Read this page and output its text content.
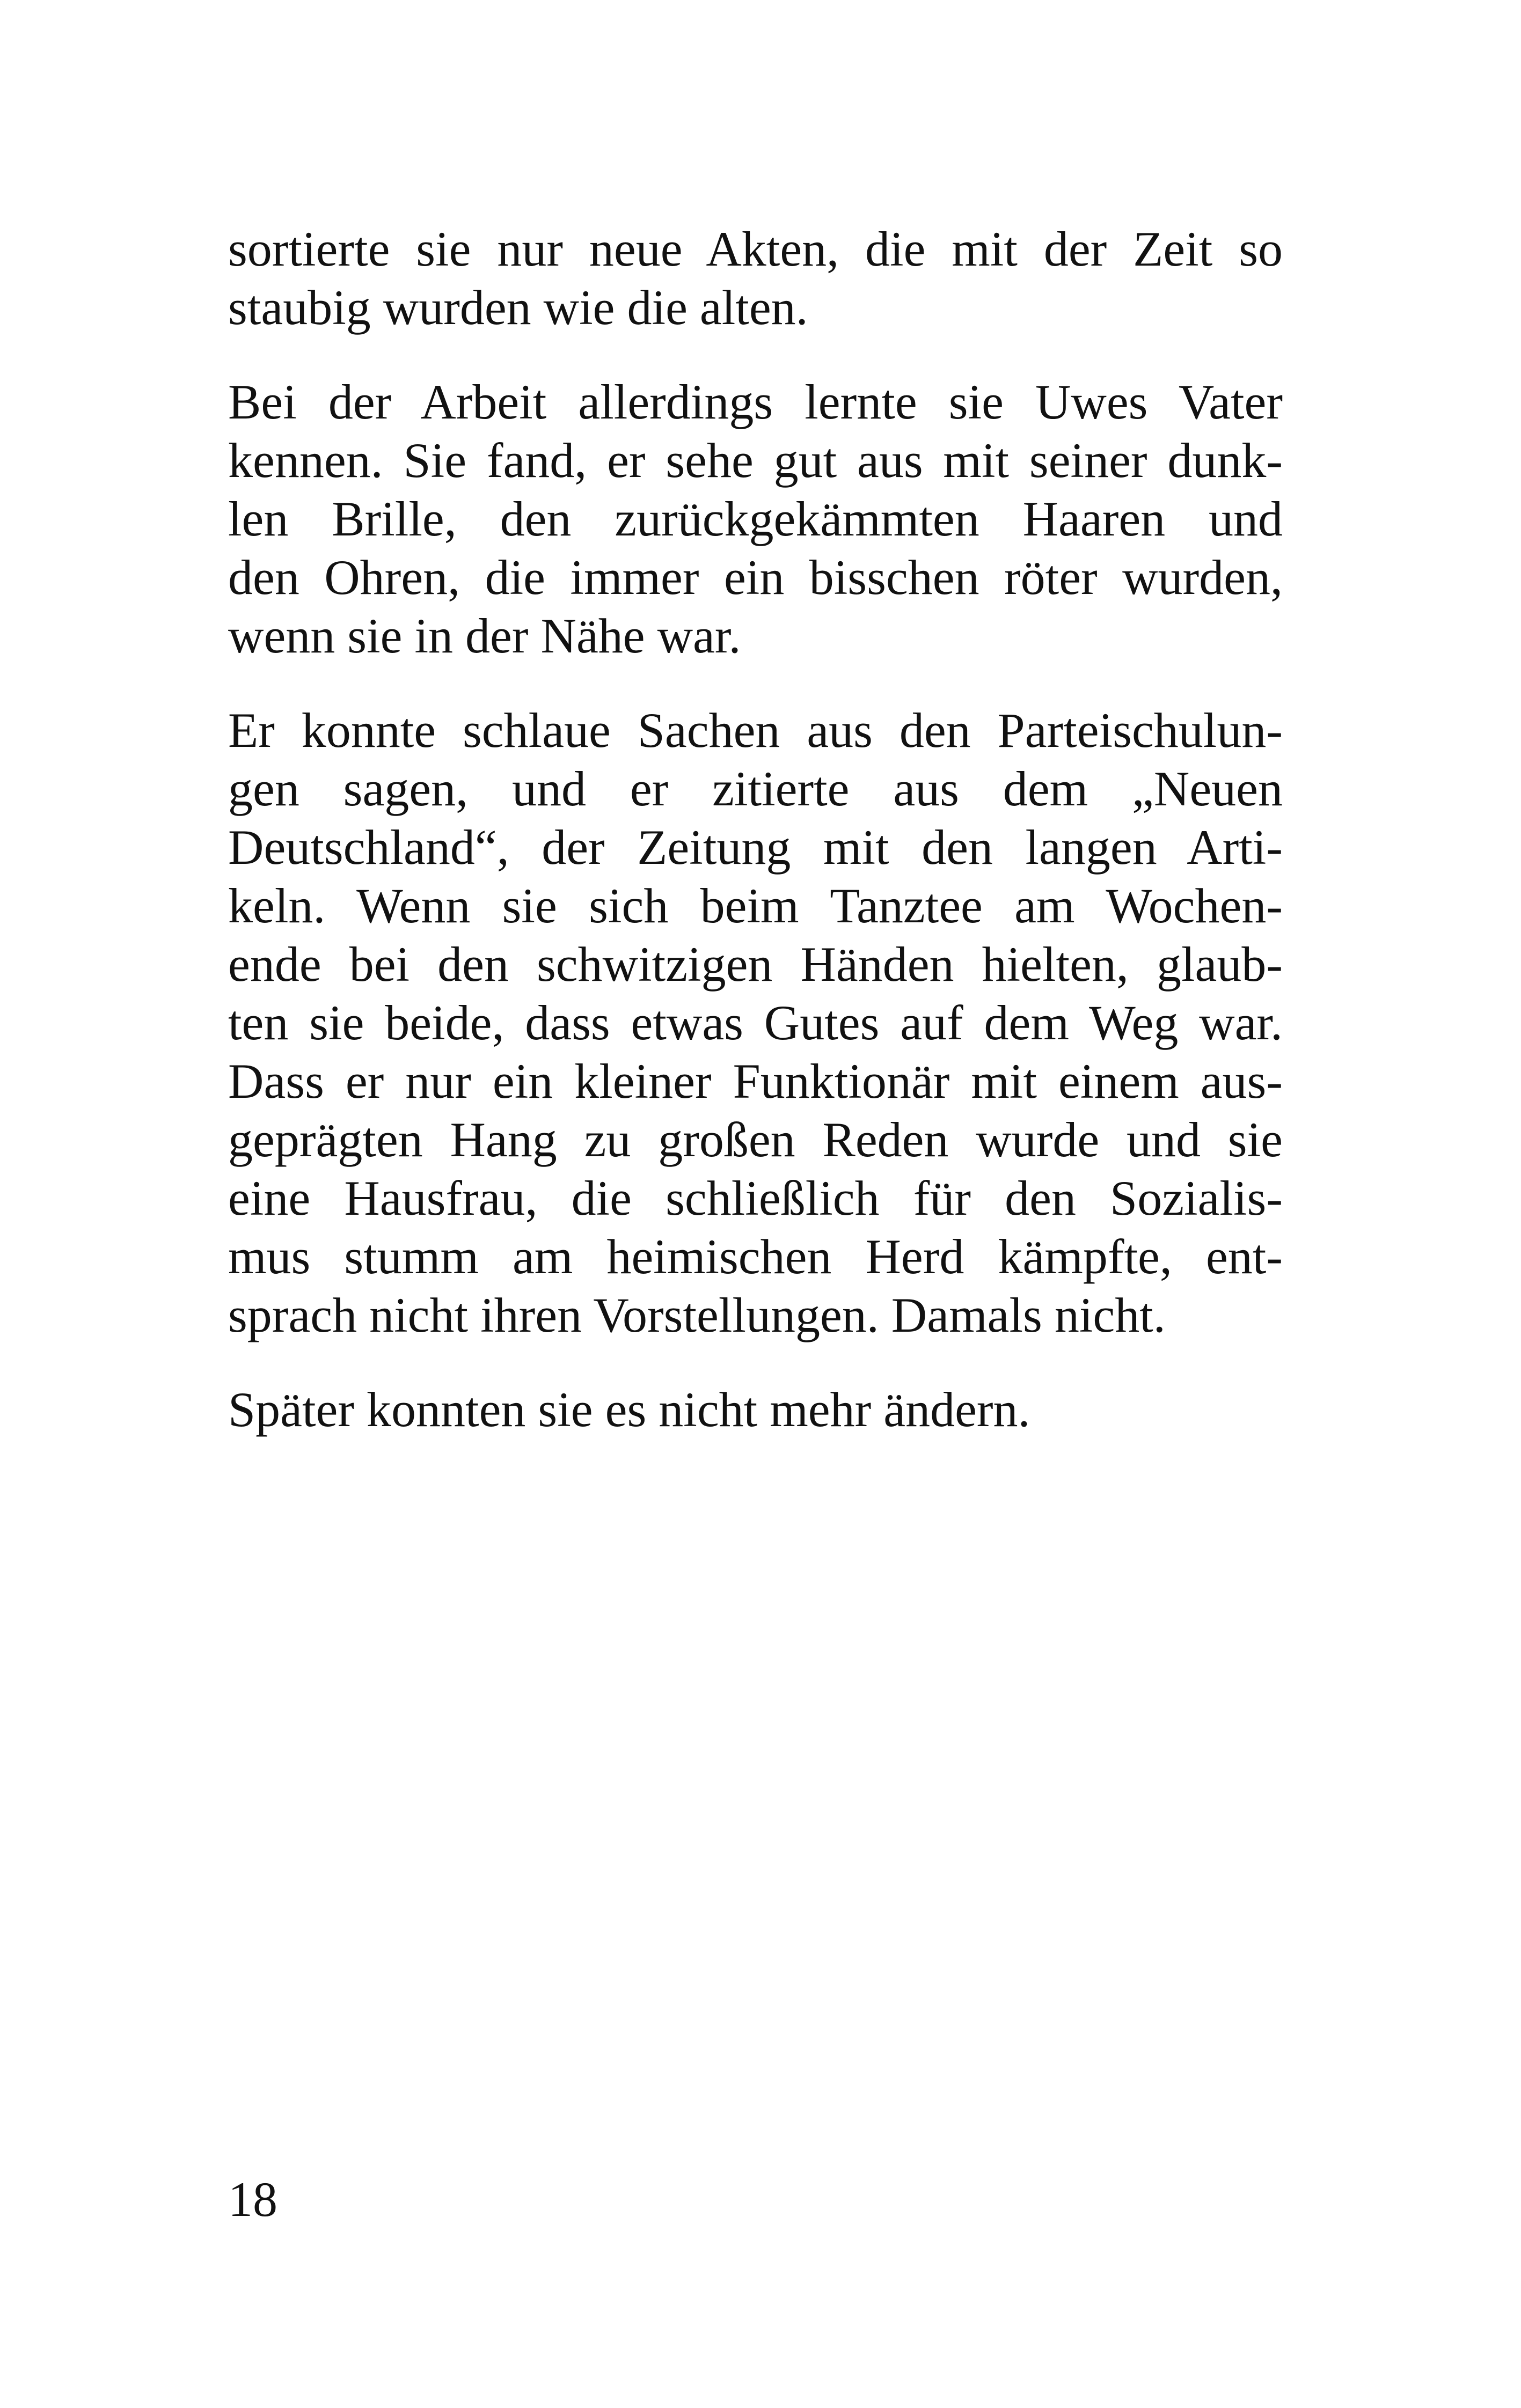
sortierte sie nur neue Akten, die mit der Zeit so
staubig wurden wie die alten.
Bei der Arbeit allerdings lernte sie Uwes Vater
kennen. Sie fand, er sehe gut aus mit seiner dunk-
len Brille, den zurückgekämmten Haaren und
den Ohren, die immer ein bisschen röter wurden,
wenn sie in der Nähe war.
Er konnte schlaue Sachen aus den Parteischulun-
gen sagen, und er zitierte aus dem „Neuen
Deutschland“, der Zeitung mit den langen Arti-
keln. Wenn sie sich beim Tanztee am Wochen-
ende bei den schwitzigen Händen hielten, glaub-
ten sie beide, dass etwas Gutes auf dem Weg war.
Dass er nur ein kleiner Funktionär mit einem aus-
geprägten Hang zu großen Reden wurde und sie
eine Hausfrau, die schließlich für den Sozialis-
mus stumm am heimischen Herd kämpfte, ent-
sprach nicht ihren Vorstellungen. Damals nicht.
Später konnten sie es nicht mehr ändern.
18
